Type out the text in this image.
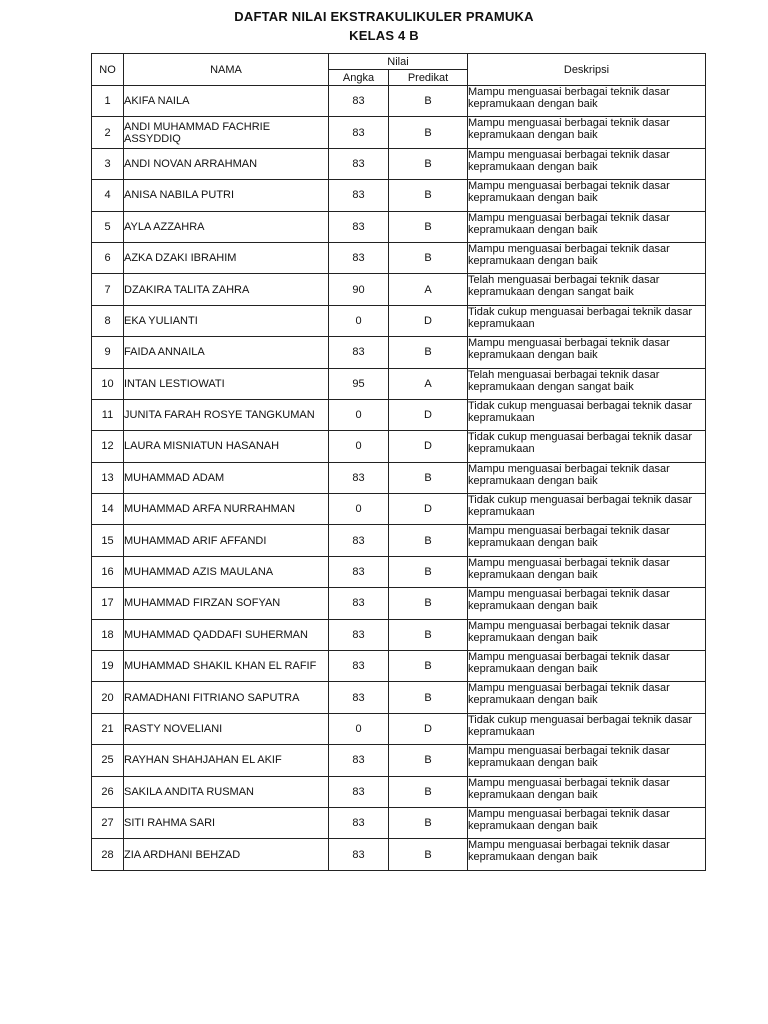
DAFTAR NILAI EKSTRAKULIKULER PRAMUKA
KELAS 4 B
NO	NAMA	Nilai		Deskripsi
		Angka	Predikat	
1	AKIFA NAILA	83	B	Mampu menguasai berbagai teknik dasar kepramukaan dengan baik
2	ANDI MUHAMMAD FACHRIE ASSYDDIQ	83	B	Mampu menguasai berbagai teknik dasar kepramukaan dengan baik
3	ANDI NOVAN ARRAHMAN	83	B	Mampu menguasai berbagai teknik dasar kepramukaan dengan baik
4	ANISA NABILA PUTRI	83	B	Mampu menguasai berbagai teknik dasar kepramukaan dengan baik
5	AYLA AZZAHRA	83	B	Mampu menguasai berbagai teknik dasar kepramukaan dengan baik
6	AZKA DZAKI IBRAHIM	83	B	Mampu menguasai berbagai teknik dasar kepramukaan dengan baik
7	DZAKIRA TALITA ZAHRA	90	A	Telah menguasai berbagai teknik dasar kepramukaan dengan sangat baik
8	EKA YULIANTI	0	D	Tidak cukup menguasai berbagai teknik dasar kepramukaan
9	FAIDA ANNAILA	83	B	Mampu menguasai berbagai teknik dasar kepramukaan dengan baik
10	INTAN LESTIOWATI	95	A	Telah menguasai berbagai teknik dasar kepramukaan dengan sangat baik
11	JUNITA FARAH ROSYE TANGKUMAN	0	D	Tidak cukup menguasai berbagai teknik dasar kepramukaan
12	LAURA MISNIATUN HASANAH	0	D	Tidak cukup menguasai berbagai teknik dasar kepramukaan
13	MUHAMMAD ADAM	83	B	Mampu menguasai berbagai teknik dasar kepramukaan dengan baik
14	MUHAMMAD ARFA NURRAHMAN	0	D	Tidak cukup menguasai berbagai teknik dasar kepramukaan
15	MUHAMMAD ARIF AFFANDI	83	B	Mampu menguasai berbagai teknik dasar kepramukaan dengan baik
16	MUHAMMAD AZIS MAULANA	83	B	Mampu menguasai berbagai teknik dasar kepramukaan dengan baik
17	MUHAMMAD FIRZAN SOFYAN	83	B	Mampu menguasai berbagai teknik dasar kepramukaan dengan baik
18	MUHAMMAD QADDAFI SUHERMAN	83	B	Mampu menguasai berbagai teknik dasar kepramukaan dengan baik
19	MUHAMMAD SHAKIL KHAN EL RAFIF	83	B	Mampu menguasai berbagai teknik dasar kepramukaan dengan baik
20	RAMADHANI FITRIANO SAPUTRA	83	B	Mampu menguasai berbagai teknik dasar kepramukaan dengan baik
21	RASTY NOVELIANI	0	D	Tidak cukup menguasai berbagai teknik dasar kepramukaan
25	RAYHAN SHAHJAHAN EL AKIF	83	B	Mampu menguasai berbagai teknik dasar kepramukaan dengan baik
26	SAKILA ANDITA RUSMAN	83	B	Mampu menguasai berbagai teknik dasar kepramukaan dengan baik
27	SITI RAHMA SARI	83	B	Mampu menguasai berbagai teknik dasar kepramukaan dengan baik
28	ZIA ARDHANI BEHZAD	83	B	Mampu menguasai berbagai teknik dasar kepramukaan dengan baik
